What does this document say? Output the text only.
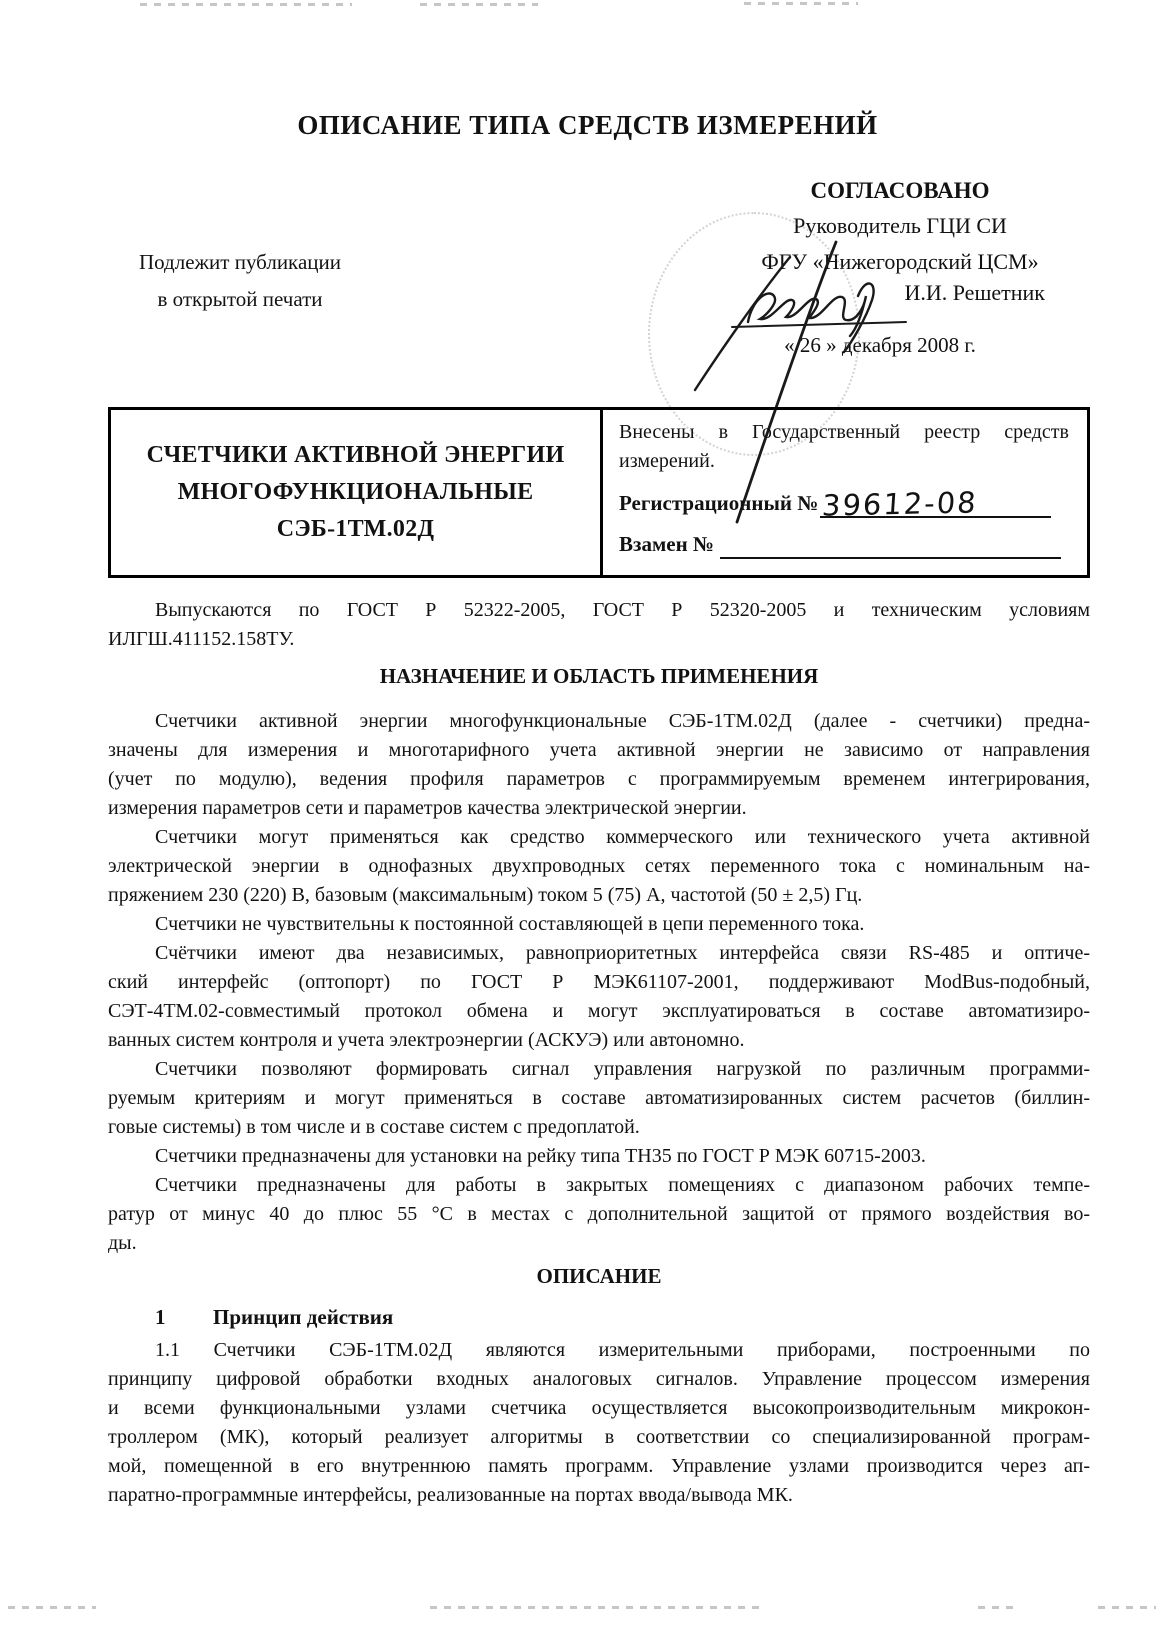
ОПИСАНИЕ ТИПА СРЕДСТВ ИЗМЕРЕНИЙ
Подлежит публикации
в открытой печати
СОГЛАСОВАНО
Руководитель ГЦИ СИ
ФГУ «Нижегородский ЦСМ»
И.И. Решетник
« 26 » декабря 2008 г.
СЧЕТЧИКИ АКТИВНОЙ ЭНЕРГИИ
МНОГОФУНКЦИОНАЛЬНЫЕ
СЭБ-1ТМ.02Д
Внесены в Государственный реестр средств
измерений.
Регистрационный № 39612-08
Взамен №
Выпускаются по ГОСТ Р 52322-2005, ГОСТ Р 52320-2005 и техническим условиям
ИЛГШ.411152.158ТУ.
НАЗНАЧЕНИЕ И ОБЛАСТЬ ПРИМЕНЕНИЯ
Счетчики активной энергии многофункциональные СЭБ-1ТМ.02Д (далее - счетчики) предна-
значены для измерения и многотарифного учета активной энергии не зависимо от направления
(учет по модулю), ведения профиля параметров с программируемым временем интегрирования,
измерения параметров сети и параметров качества электрической энергии.
Счетчики могут применяться как средство коммерческого или технического учета активной
электрической энергии в однофазных двухпроводных сетях переменного тока с номинальным на-
пряжением 230 (220) В, базовым (максимальным) током 5 (75) А, частотой (50 ± 2,5) Гц.
Счетчики не чувствительны к постоянной составляющей в цепи переменного тока.
Счётчики имеют два независимых, равноприоритетных интерфейса связи RS-485 и оптиче-
ский интерфейс (оптопорт) по ГОСТ Р МЭК61107-2001, поддерживают ModBus-подобный,
СЭТ-4ТМ.02-совместимый протокол обмена и могут эксплуатироваться в составе автоматизиро-
ванных систем контроля и учета электроэнергии (АСКУЭ) или автономно.
Счетчики позволяют формировать сигнал управления нагрузкой по различным программи-
руемым критериям и могут применяться в составе автоматизированных систем расчетов (биллин-
говые системы) в том числе и в составе систем с предоплатой.
Счетчики предназначены для установки на рейку типа ТН35 по ГОСТ Р МЭК 60715-2003.
Счетчики предназначены для работы в закрытых помещениях с диапазоном рабочих темпе-
ратур от минус 40 до плюс 55 °С в местах с дополнительной защитой от прямого воздействия во-
ды.
ОПИСАНИЕ
1 Принцип действия
1.1 Счетчики СЭБ-1ТМ.02Д являются измерительными приборами, построенными по
принципу цифровой обработки входных аналоговых сигналов. Управление процессом измерения
и всеми функциональными узлами счетчика осуществляется высокопроизводительным микрокон-
троллером (МК), который реализует алгоритмы в соответствии со специализированной програм-
мой, помещенной в его внутреннюю память программ. Управление узлами производится через ап-
паратно-программные интерфейсы, реализованные на портах ввода/вывода МК.
